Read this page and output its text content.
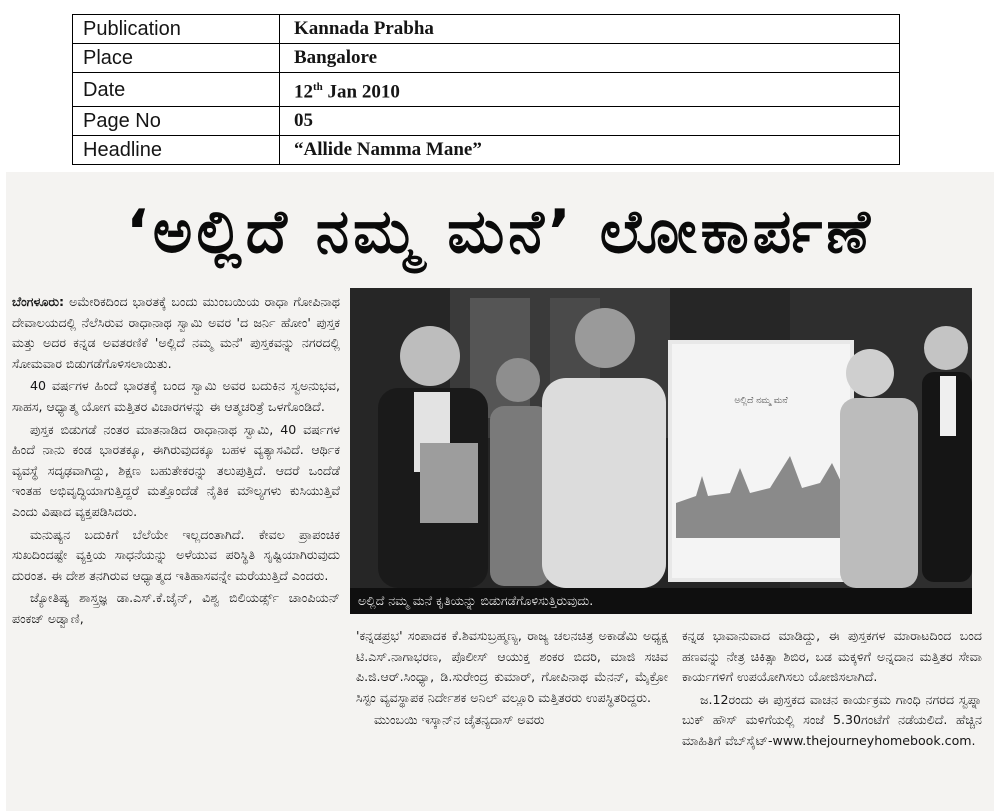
Publication	Kannada Prabha
Place	Bangalore
Date	12th Jan 2010
Page No	05
Headline	“Allide Namma Mane”
‘ಅಲ್ಲಿದೆ ನಮ್ಮ ಮನೆ’ ಲೋಕಾರ್ಪಣೆ

ಬೆಂಗಳೂರು: ಅಮೇರಿಕದಿಂದ ಭಾರತಕ್ಕೆ ಬಂದು ಮುಂಬಯಿಯ ರಾಧಾ ಗೋಪಿನಾಥ ದೇವಾಲಯದಲ್ಲಿ ನೆಲೆಸಿರುವ ರಾಧಾನಾಥ ಸ್ವಾಮಿ ಅವರ 'ದ ಜರ್ನಿ ಹೋಂ' ಪುಸ್ತಕ ಮತ್ತು ಅದರ ಕನ್ನಡ ಅವತರಣಿಕೆ 'ಅಲ್ಲಿದೆ ನಮ್ಮ ಮನೆ' ಪುಸ್ತಕವನ್ನು ನಗರದಲ್ಲಿ ಸೋಮವಾರ ಬಿಡುಗಡೆಗೊಳಿಸಲಾಯಿತು.

40 ವರ್ಷಗಳ ಹಿಂದೆ ಭಾರತಕ್ಕೆ ಬಂದ ಸ್ವಾಮಿ ಅವರ ಬದುಕಿನ ಸ್ವಅನುಭವ, ಸಾಹಸ, ಆಧ್ಯಾತ್ಮ ಯೋಗ ಮತ್ತಿತರ ವಿಚಾರಗಳನ್ನು ಈ ಆತ್ಮಚರಿತ್ರೆ ಒಳಗೊಂಡಿದೆ.

ಪುಸ್ತಕ ಬಿಡುಗಡೆ ನಂತರ ಮಾತನಾಡಿದ ರಾಧಾನಾಥ ಸ್ವಾಮಿ, 40 ವರ್ಷಗಳ ಹಿಂದೆ ನಾನು ಕಂಡ ಭಾರತಕ್ಕೂ, ಈಗಿರುವುದಕ್ಕೂ ಬಹಳ ವ್ಯತ್ಯಾಸವಿದೆ. ಆರ್ಥಿಕ ವ್ಯವಸ್ಥೆ ಸದೃಢವಾಗಿದ್ದು, ಶಿಕ್ಷಣ ಬಹುತೇಕರನ್ನು ತಲುಪುತ್ತಿದೆ. ಆದರೆ ಒಂದೆಡೆ ಇಂತಹ ಅಭಿವೃದ್ಧಿಯಾಗುತ್ತಿದ್ದರೆ ಮತ್ತೊಂದೆಡೆ ನೈತಿಕ ಮೌಲ್ಯಗಳು ಕುಸಿಯುತ್ತಿವೆ ಎಂದು ವಿಷಾದ ವ್ಯಕ್ತಪಡಿಸಿದರು.

ಮನುಷ್ಯನ ಬದುಕಿಗೆ ಬೆಲೆಯೇ ಇಲ್ಲದಂತಾಗಿದೆ. ಕೇವಲ ಪ್ರಾಪಂಚಿಕ ಸುಖದಿಂದಷ್ಟೇ ವ್ಯಕ್ತಿಯ ಸಾಧನೆಯನ್ನು ಅಳೆಯುವ ಪರಿಸ್ಥಿತಿ ಸೃಷ್ಟಿಯಾಗಿರುವುದು ದುರಂತ. ಈ ದೇಶ ತನಗಿರುವ ಆಧ್ಯಾತ್ಮದ ಇತಿಹಾಸವನ್ನೇ ಮರೆಯುತ್ತಿದೆ ಎಂದರು.

ಜ್ಯೋತಿಷ್ಯ ಶಾಸ್ತ್ರಜ್ಞ ಡಾ.ಎಸ್.ಕೆ.ಜೈನ್, ವಿಶ್ವ ಬಿಲಿಯರ್ಡ್ಸ್ ಚಾಂಪಿಯನ್ ಪಂಕಜ್ ಅಡ್ವಾಣಿ,

ಅಲ್ಲಿದೆ ನಮ್ಮ ಮನೆ
ಅಲ್ಲಿದೆ ನಮ್ಮ ಮನೆ ಕೃತಿಯನ್ನು ಬಿಡುಗಡೆಗೊಳಿಸುತ್ತಿರುವುದು.

'ಕನ್ನಡಪ್ರಭ' ಸಂಪಾದಕ ಕೆ.ಶಿವಸುಬ್ರಹ್ಮಣ್ಯ, ರಾಜ್ಯ ಚಲನಚಿತ್ರ ಅಕಾಡೆಮಿ ಅಧ್ಯಕ್ಷ ಟಿ.ಎಸ್.ನಾಗಾಭರಣ, ಪೊಲೀಸ್ ಆಯುಕ್ತ ಶಂಕರ ಬಿದರಿ, ಮಾಜಿ ಸಚಿವ ಪಿ.ಜಿ.ಆರ್.ಸಿಂಧ್ಯಾ, ಡಿ.ಸುರೇಂದ್ರ ಕುಮಾರ್, ಗೋಪಿನಾಥ ಮೆನನ್, ಮೈಕ್ರೋ ಸಿಸ್ಟಂ ವ್ಯವಸ್ಥಾಪಕ ನಿರ್ದೇಶಕ ಅನಿಲ್ ವಲ್ಲೂರಿ ಮತ್ತಿತರರು ಉಪಸ್ಥಿತರಿದ್ದರು.

ಮುಂಬಯಿ ಇಸ್ಕಾನ್‌ನ ಚೈತನ್ಯದಾಸ್ ಅವರು

ಕನ್ನಡ ಭಾವಾನುವಾದ ಮಾಡಿದ್ದು, ಈ ಪುಸ್ತಕಗಳ ಮಾರಾಟದಿಂದ ಬಂದ ಹಣವನ್ನು ನೇತ್ರ ಚಿಕಿತ್ಸಾ ಶಿಬಿರ, ಬಡ ಮಕ್ಕಳಿಗೆ ಅನ್ನದಾನ ಮತ್ತಿತರ ಸೇವಾ ಕಾರ್ಯಗಳಿಗೆ ಉಪಯೋಗಿಸಲು ಯೋಜಿಸಲಾಗಿದೆ.

ಜ.12ರಂದು ಈ ಪುಸ್ತಕದ ವಾಚನ ಕಾರ್ಯಕ್ರಮ ಗಾಂಧಿ ನಗರದ ಸ್ವಪ್ನಾ ಬುಕ್ ಹೌಸ್ ಮಳಿಗೆಯಲ್ಲಿ ಸಂಜೆ 5.30ಗಂಟೆಗೆ ನಡೆಯಲಿದೆ. ಹೆಚ್ಚಿನ ಮಾಹಿತಿಗೆ ವೆಬ್‌ಸೈಟ್-www.thejourneyhomebook.com.
